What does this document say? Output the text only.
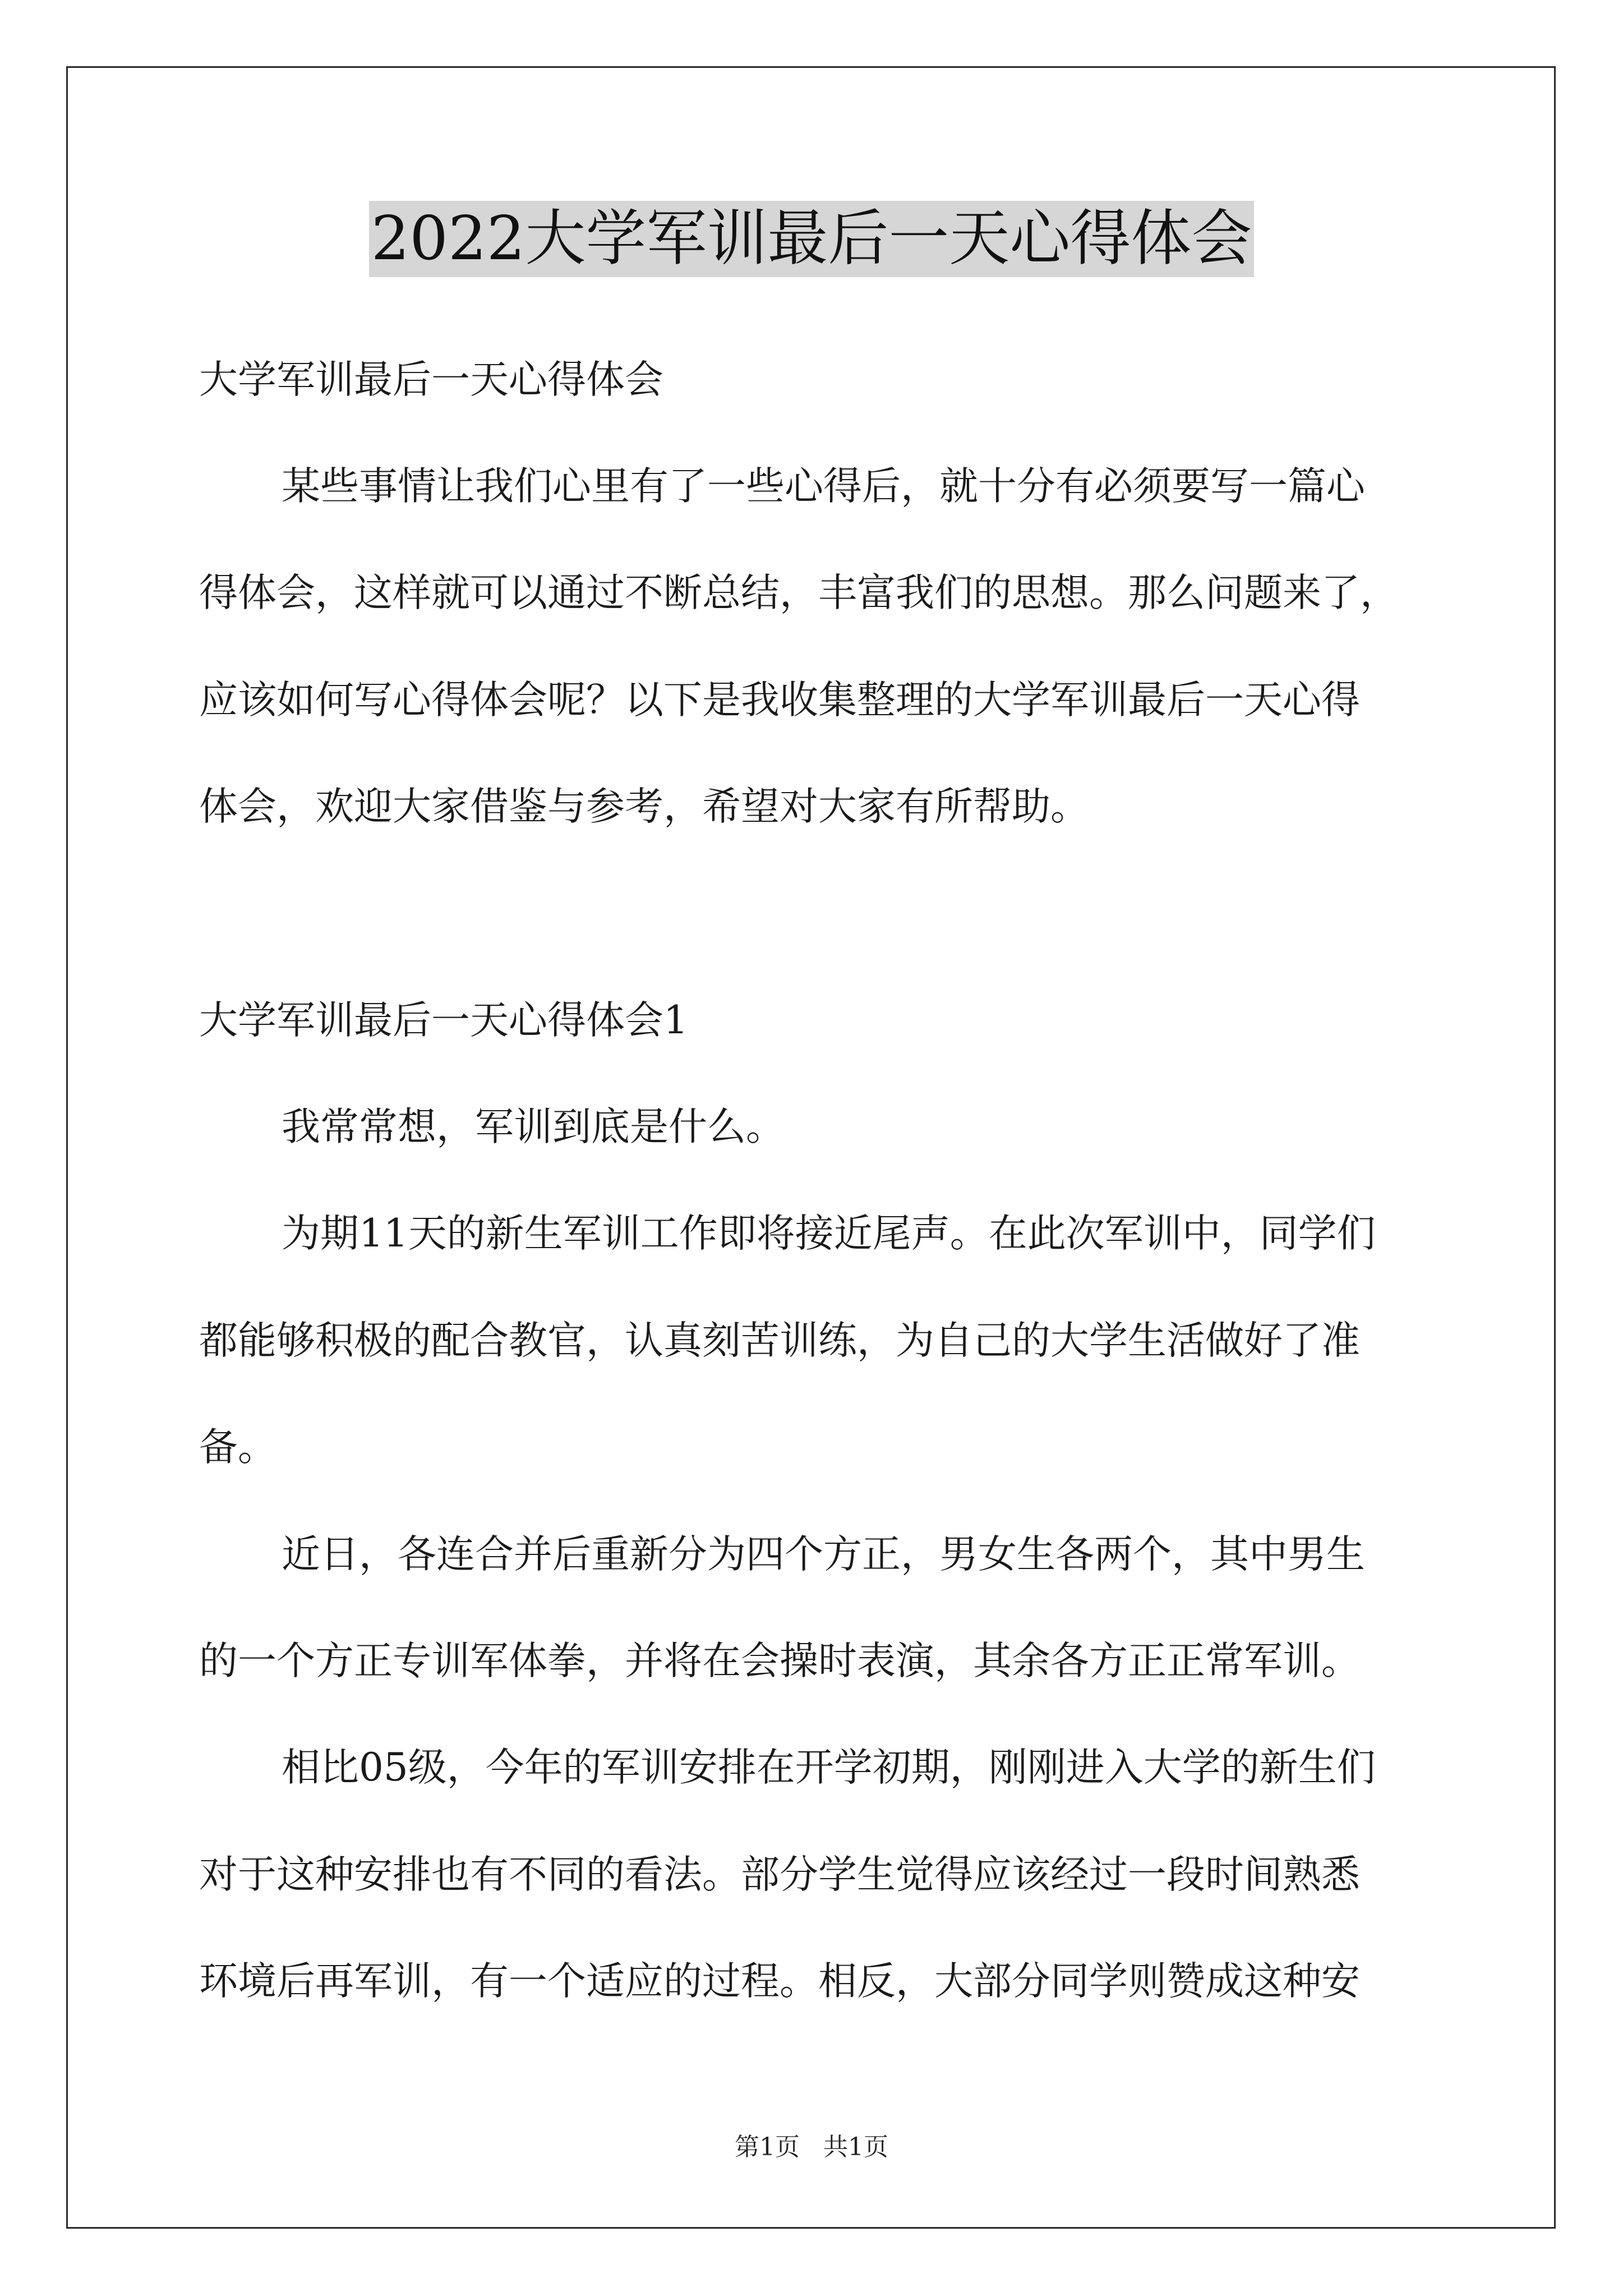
2022大学军训最后一天心得体会
大学军训最后一天心得体会
某些事情让我们心里有了一些心得后，就十分有必须要写一篇心
得体会，这样就可以通过不断总结，丰富我们的思想。那么问题来了，
应该如何写心得体会呢？以下是我收集整理的大学军训最后一天心得
体会，欢迎大家借鉴与参考，希望对大家有所帮助。
大学军训最后一天心得体会1
我常常想，军训到底是什么。
为期11天的新生军训工作即将接近尾声。在此次军训中，同学们
都能够积极的配合教官，认真刻苦训练，为自己的大学生活做好了准
备。
近日，各连合并后重新分为四个方正，男女生各两个，其中男生
的一个方正专训军体拳，并将在会操时表演，其余各方正正常军训。
相比05级，今年的军训安排在开学初期，刚刚进入大学的新生们
对于这种安排也有不同的看法。部分学生觉得应该经过一段时间熟悉
环境后再军训，有一个适应的过程。相反，大部分同学则赞成这种安
第1页 共1页
